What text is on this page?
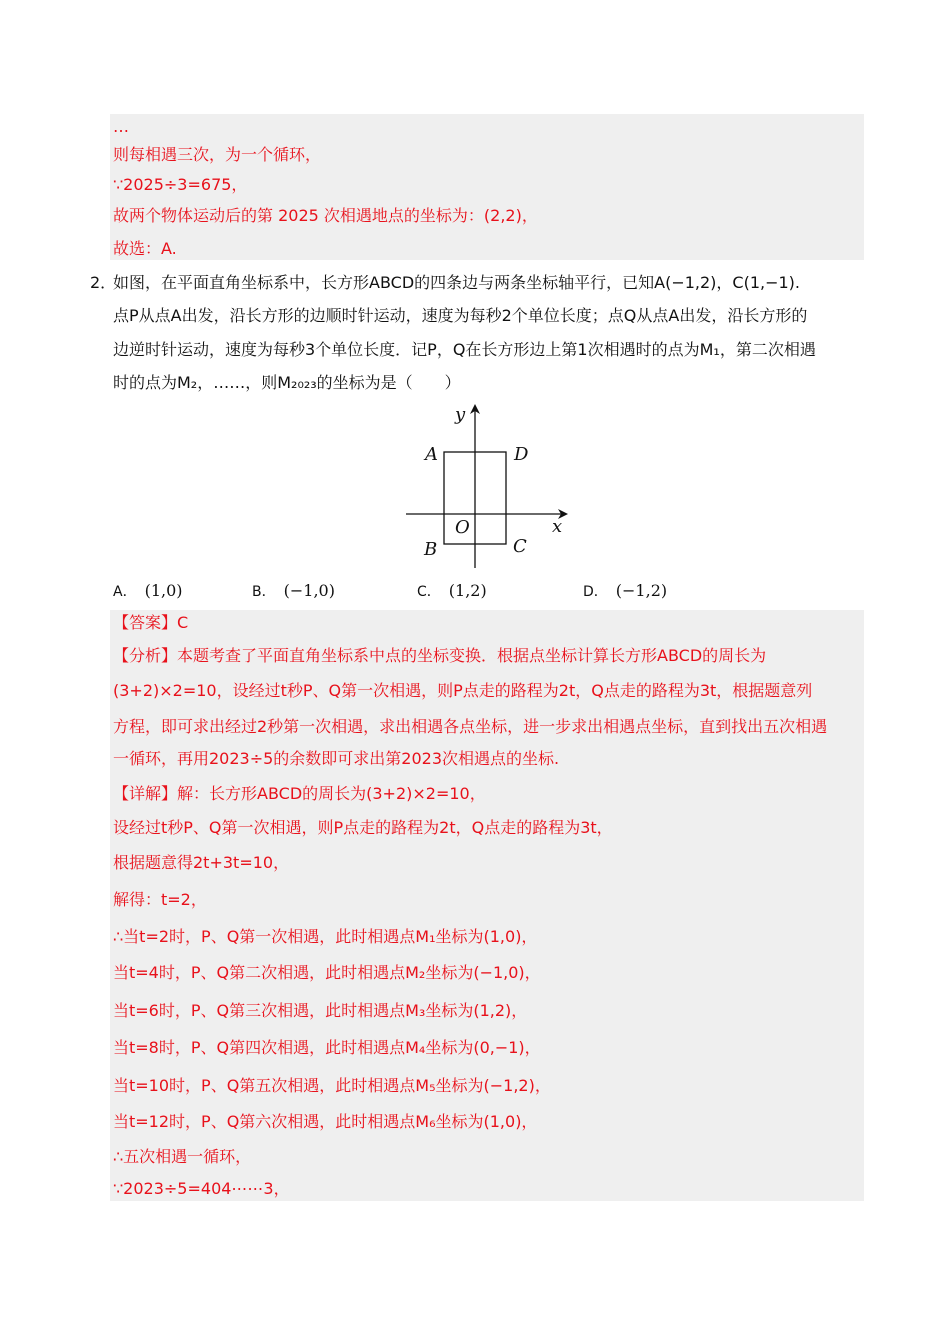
…
则每相遇三次，为一个循环，
∵2025÷3=675，
故两个物体运动后的第 2025 次相遇地点的坐标为：(2,2)，
故选：A.
2．
如图，在平面直角坐标系中，长方形ABCD的四条边与两条坐标轴平行，已知A(−1,2)，C(1,−1).
点P从点A出发，沿长方形的边顺时针运动，速度为每秒2个单位长度；点Q从点A出发，沿长方形的
边逆时针运动，速度为每秒3个单位长度．记P，Q在长方形边上第1次相遇时的点为M₁，第二次相遇
时的点为M₂，……，则M₂₀₂₃的坐标为是（　　）
y
x
A	D
O
B	C
A． (1,0)	B． (−1,0)	C． (1,2)	D． (−1,2)
【答案】C
【分析】本题考查了平面直角坐标系中点的坐标变换．根据点坐标计算长方形ABCD的周长为
(3+2)×2=10，设经过t秒P、Q第一次相遇，则P点走的路程为2t，Q点走的路程为3t，根据题意列
方程，即可求出经过2秒第一次相遇，求出相遇各点坐标，进一步求出相遇点坐标，直到找出五次相遇
一循环，再用2023÷5的余数即可求出第2023次相遇点的坐标.
【详解】解：长方形ABCD的周长为(3+2)×2=10，
设经过t秒P、Q第一次相遇，则P点走的路程为2t，Q点走的路程为3t，
根据题意得2t+3t=10，
解得：t=2，
∴当t=2时，P、Q第一次相遇，此时相遇点M₁坐标为(1,0)，
当t=4时，P、Q第二次相遇，此时相遇点M₂坐标为(−1,0)，
当t=6时，P、Q第三次相遇，此时相遇点M₃坐标为(1,2)，
当t=8时，P、Q第四次相遇，此时相遇点M₄坐标为(0,−1)，
当t=10时，P、Q第五次相遇，此时相遇点M₅坐标为(−1,2)，
当t=12时，P、Q第六次相遇，此时相遇点M₆坐标为(1,0)，
∴五次相遇一循环，
∵2023÷5=404⋯⋯3，
